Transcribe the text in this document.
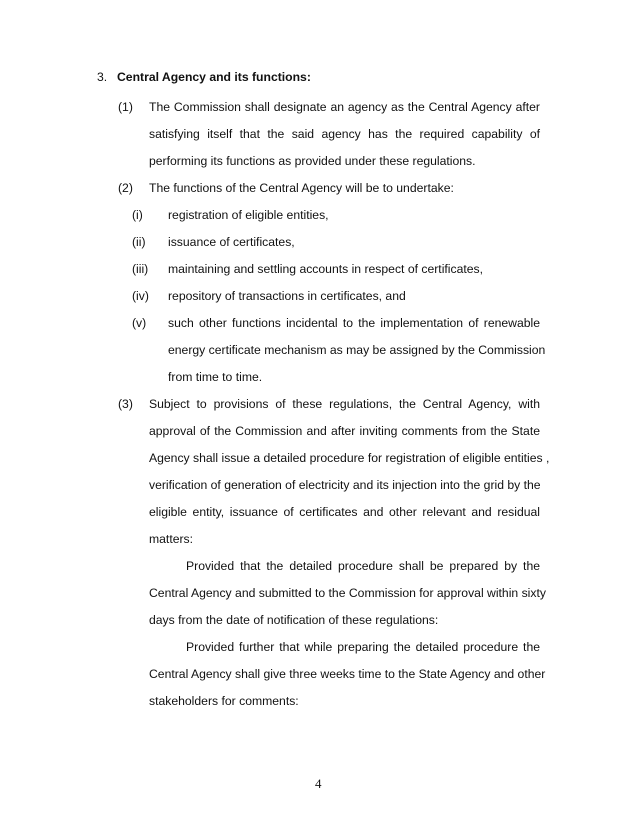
3. Central Agency and its functions:
(1) The Commission shall designate an agency as the Central Agency after
satisfying itself that the said agency has the required capability of
performing its functions as provided under these regulations.
(2) The functions of the Central Agency will be to undertake:
(i) registration of eligible entities,
(ii) issuance of certificates,
(iii) maintaining and settling accounts in respect of certificates,
(iv) repository of transactions in certificates, and
(v) such other functions incidental to the implementation of renewable
energy certificate mechanism as may be assigned by the Commission
from time to time.
(3) Subject to provisions of these regulations, the Central Agency, with
approval of the Commission and after inviting comments from the State
Agency shall issue a detailed procedure for registration of eligible entities ,
verification of generation of electricity and its injection into the grid by the
eligible entity, issuance of certificates and other relevant and residual
matters:
Provided that the detailed procedure shall be prepared by the
Central Agency and submitted to the Commission for approval within sixty
days from the date of notification of these regulations:
Provided further that while preparing the detailed procedure the
Central Agency shall give three weeks time to the State Agency and other
stakeholders for comments:
4
